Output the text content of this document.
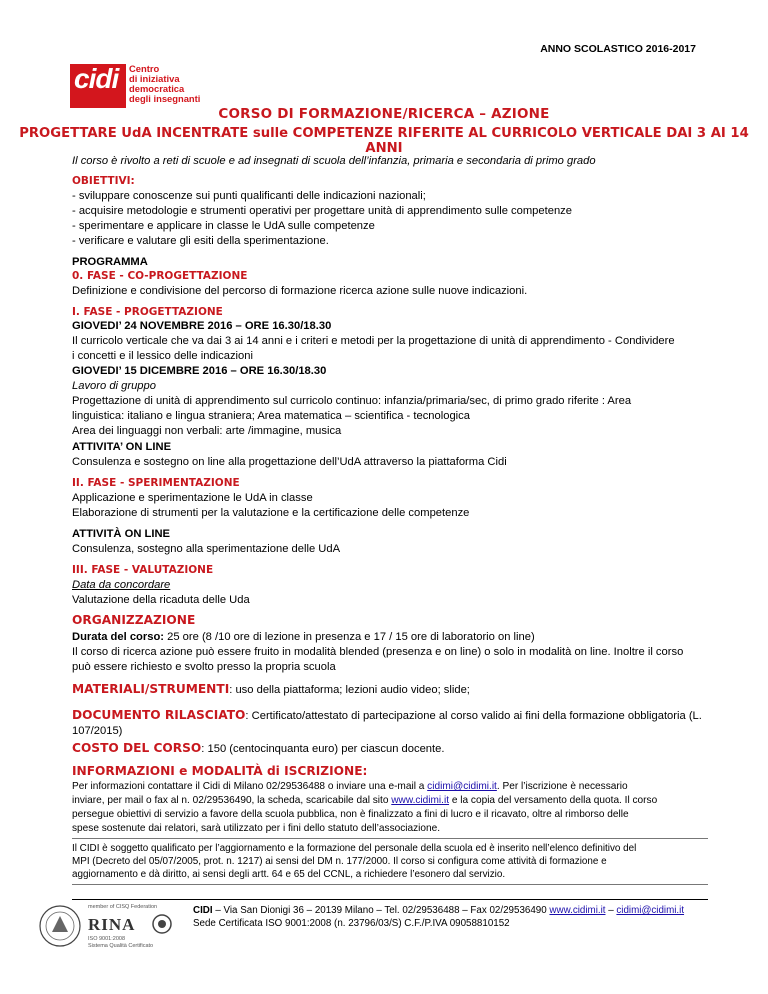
ANNO SCOLASTICO 2016-2017
cidi Centro
di iniziativa
democratica
degli insegnanti
CORSO DI FORMAZIONE/RICERCA – AZIONE
PROGETTARE UdA INCENTRATE sulle COMPETENZE RIFERITE AL CURRICOLO VERTICALE DAI 3 AI 14 ANNI
Il corso è rivolto a reti di scuole e ad insegnati di scuola dell’infanzia, primaria e secondaria di primo grado
OBIETTIVI:
- sviluppare conoscenze sui punti qualificanti delle indicazioni nazionali;
- acquisire metodologie e strumenti operativi per progettare unità di apprendimento sulle competenze
- sperimentare e applicare in classe le UdA sulle competenze
- verificare e valutare gli esiti della sperimentazione.
PROGRAMMA
0. FASE - CO-PROGETTAZIONE
Definizione e condivisione del percorso di formazione ricerca azione sulle nuove indicazioni.
I. FASE - PROGETTAZIONE
GIOVEDI’ 24 NOVEMBRE 2016 – ORE 16.30/18.30
Il curricolo verticale che va dai 3 ai 14 anni e i criteri e metodi per la progettazione di unità di apprendimento - Condividere
i concetti e il lessico delle indicazioni
GIOVEDI’ 15 DICEMBRE 2016 – ORE 16.30/18.30
Lavoro di gruppo
Progettazione di unità di apprendimento sul curricolo continuo: infanzia/primaria/sec, di primo grado riferite : Area
linguistica: italiano e lingua straniera; Area matematica – scientifica - tecnologica
Area dei linguaggi non verbali: arte /immagine, musica
ATTIVITA’ ON LINE
Consulenza e sostegno on line alla progettazione dell’UdA attraverso la piattaforma Cidi
II. FASE - SPERIMENTAZIONE
Applicazione e sperimentazione le UdA in classe
Elaborazione di strumenti per la valutazione e la certificazione delle competenze
ATTIVITÀ ON LINE
Consulenza, sostegno alla sperimentazione delle UdA
III. FASE - VALUTAZIONE
Data da concordare
Valutazione della ricaduta delle Uda
ORGANIZZAZIONE
Durata del corso: 25 ore (8 /10 ore di lezione in presenza e 17 / 15 ore di laboratorio on line)
Il corso di ricerca azione può essere fruito in modalità blended (presenza e on line) o solo in modalità on line. Inoltre il corso
può essere richiesto e svolto presso la propria scuola
MATERIALI/STRUMENTI: uso della piattaforma; lezioni audio video; slide;
DOCUMENTO RILASCIATO: Certificato/attestato di partecipazione al corso valido ai fini della formazione obbligatoria (L.
107/2015)
COSTO DEL CORSO: 150 (centocinquanta euro) per ciascun docente.
INFORMAZIONI e MODALITÀ di ISCRIZIONE:
Per informazioni contattare il Cidi di Milano 02/29536488 o inviare una e-mail a cidimi@cidimi.it. Per l’iscrizione è necessario
inviare, per mail o fax al n. 02/29536490, la scheda, scaricabile dal sito www.cidimi.it e la copia del versamento della quota. Il corso
persegue obiettivi di servizio a favore della scuola pubblica, non è finalizzato a fini di lucro e il ricavato, oltre al rimborso delle
spese sostenute dai relatori, sarà utilizzato per i fini dello statuto dell’associazione.
Il CIDI è soggetto qualificato per l’aggiornamento e la formazione del personale della scuola ed è inserito nell’elenco definitivo del
MPI (Decreto del 05/07/2005, prot. n. 1217) ai sensi del DM n. 177/2000. Il corso si configura come attività di formazione e
aggiornamento e dà diritto, ai sensi degli artt. 64 e 65 del CCNL, a richiedere l’esonero dal servizio.
member of CISQ Federation
RINA
ISO 9001:2008
Sistema Qualità Certificato
CIDI – Via San Dionigi 36 – 20139 Milano – Tel. 02/29536488 – Fax 02/29536490 www.cidimi.it – cidimi@cidimi.it
Sede Certificata ISO 9001:2008 (n. 23796/03/S) C.F./P.IVA 09058810152
